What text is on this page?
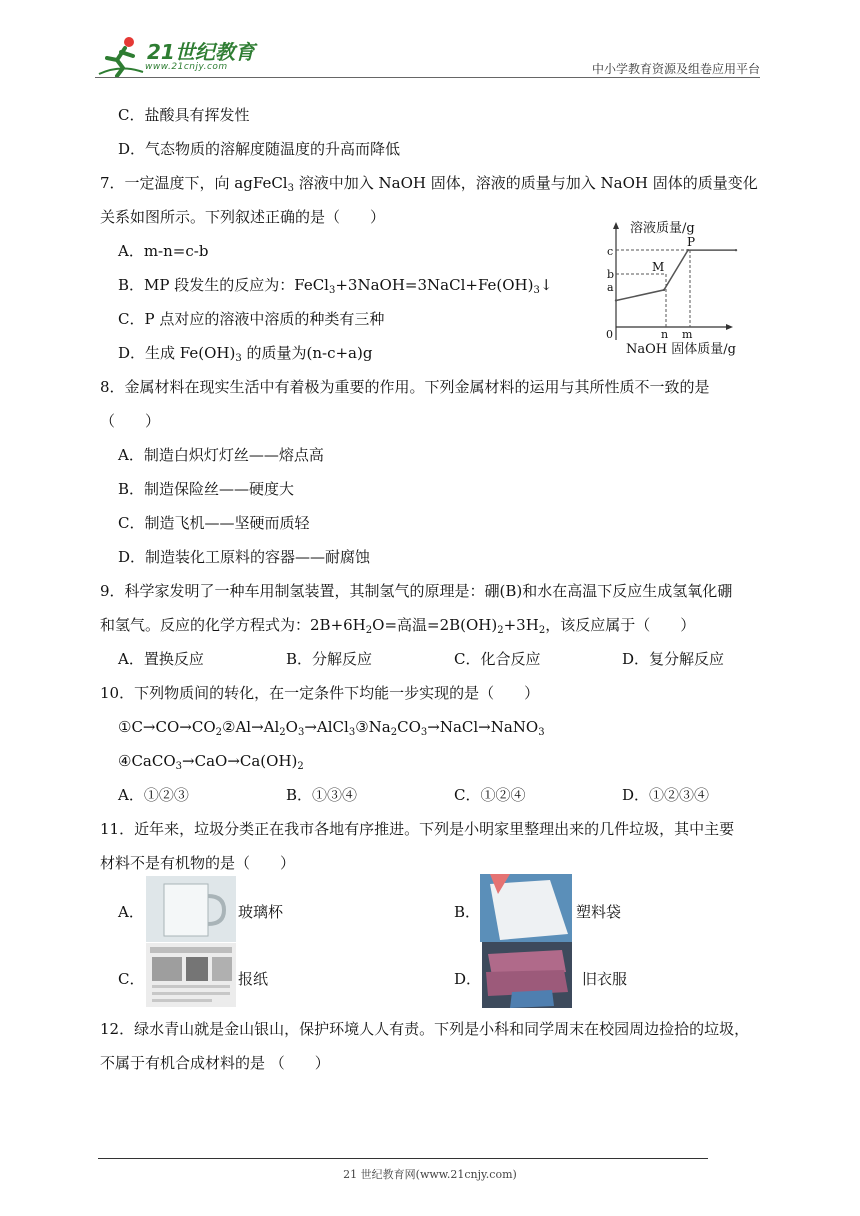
21世纪教育
www.21cnjy.com	中小学教育资源及组卷应用平台
C．盐酸具有挥发性
D．气态物质的溶解度随温度的升高而降低
7．一定温度下，向 agFeCl$_3$ 溶液中加入 NaOH 固体，溶液的质量与加入 NaOH 固体的质量变化
关系如图所示。下列叙述正确的是（　　）
A．m-n=c-b
B．MP 段发生的反应为：$FeCl_3+3NaOH=3NaCl+Fe(OH)_3↓$
C．P 点对应的溶液中溶质的种类有三种
D．生成 $Fe(OH)_3$ 的质量为(n-c+a)g
溶液质量/g
NaOH 固体质量/g
0
c
b
a
n m
M
P
8．金属材料在现实生活中有着极为重要的作用。下列金属材料的运用与其所性质不一致的是
（　　）
A．制造白炽灯灯丝——熔点高
B．制造保险丝——硬度大
C．制造飞机——坚硬而质轻
D．制造装化工原料的容器——耐腐蚀
9．科学家发明了一种车用制氢装置，其制氢气的原理是：硼(B)和水在高温下反应生成氢氧化硼
和氢气。反应的化学方程式为：$2B+6H_2O=$高温$=2B(OH)_2+3H_2$，该反应属于（　　）
A．置换反应	B．分解反应	C．化合反应	D．复分解反应
10．下列物质间的转化，在一定条件下均能一步实现的是（　　）
$①C\to CO\to CO_2②Al\to Al_2O_3\to AlCl_3③Na_2CO_3\to NaCl\to NaNO_3$
$④CaCO_3\to CaO\to Ca(OH)_2$
A．①②③	B．①③④	C．①②④	D．①②③④
11．近年来，垃圾分类正在我市各地有序推进。下列是小明家里整理出来的几件垃圾，其中主要
材料不是有机物的是（　　）
A．	玻璃杯	B．	塑料袋
C．	报纸	D．	旧衣服
12．绿水青山就是金山银山，保护环境人人有责。下列是小科和同学周末在校园周边捡拾的垃圾，
不属于有机合成材料的是 （　　）
21 世纪教育网(www.21cnjy.com)
